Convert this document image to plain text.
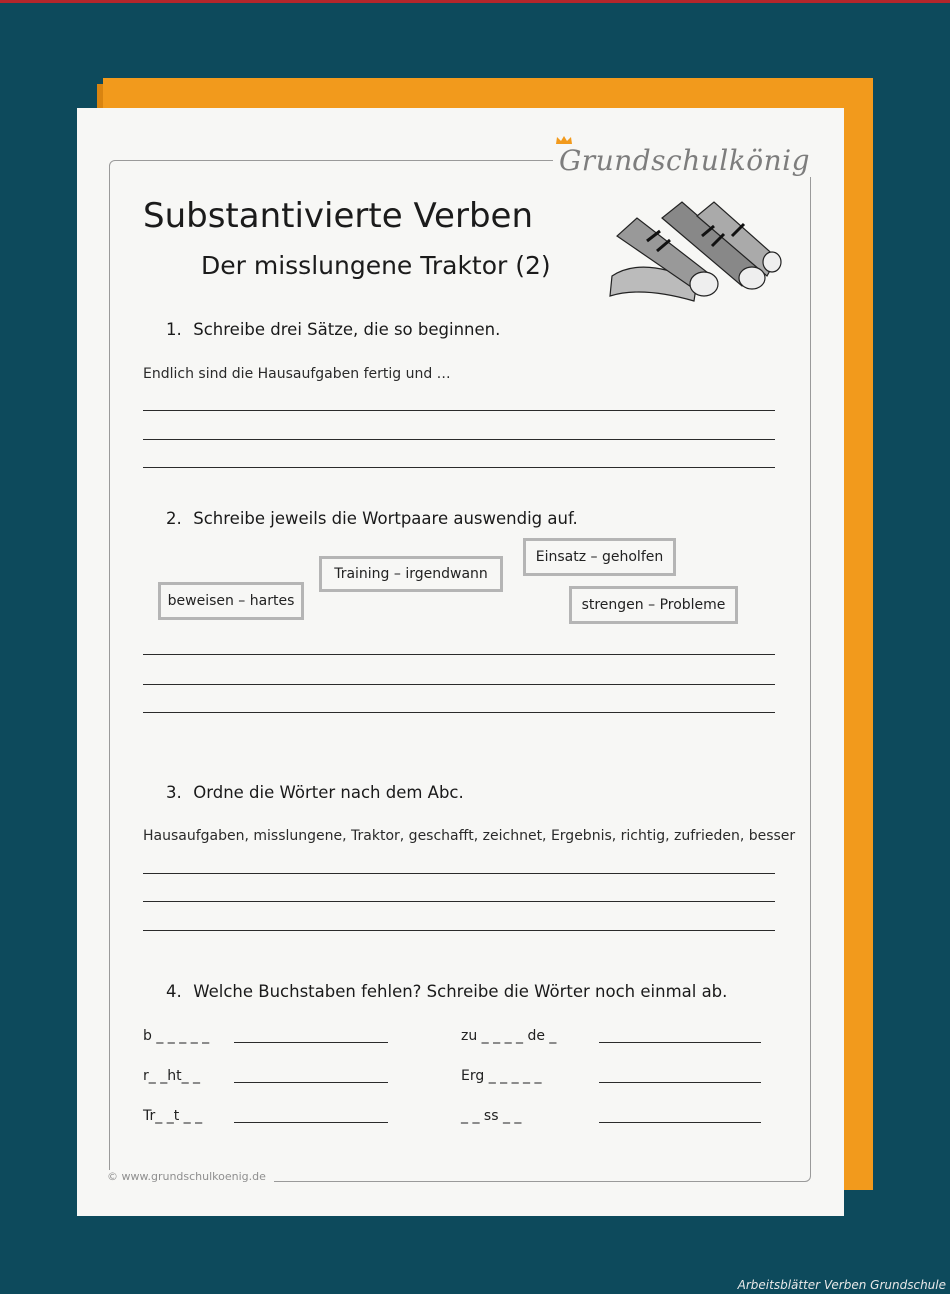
Grundschulkönig
Substantivierte Verben
Der misslungene Traktor (2)
1. Schreibe drei Sätze, die so beginnen.
Endlich sind die Hausaufgaben fertig und …
2. Schreibe jeweils die Wortpaare auswendig auf.
Einsatz – geholfen
Training – irgendwann
beweisen – hartes	strengen – Probleme
3. Ordne die Wörter nach dem Abc.
Hausaufgaben, misslungene, Traktor, geschafft, zeichnet, Ergebnis, richtig, zufrieden, besser
4. Welche Buchstaben fehlen? Schreibe die Wörter noch einmal ab.
b _ _ _ _ _	zu _ _ _ _ de _
r_ _ht_ _	Erg _ _ _ _ _
Tr_ _t _ _	_ _ ss _ _
© www.grundschulkoenig.de
Arbeitsblätter Verben Grundschule
